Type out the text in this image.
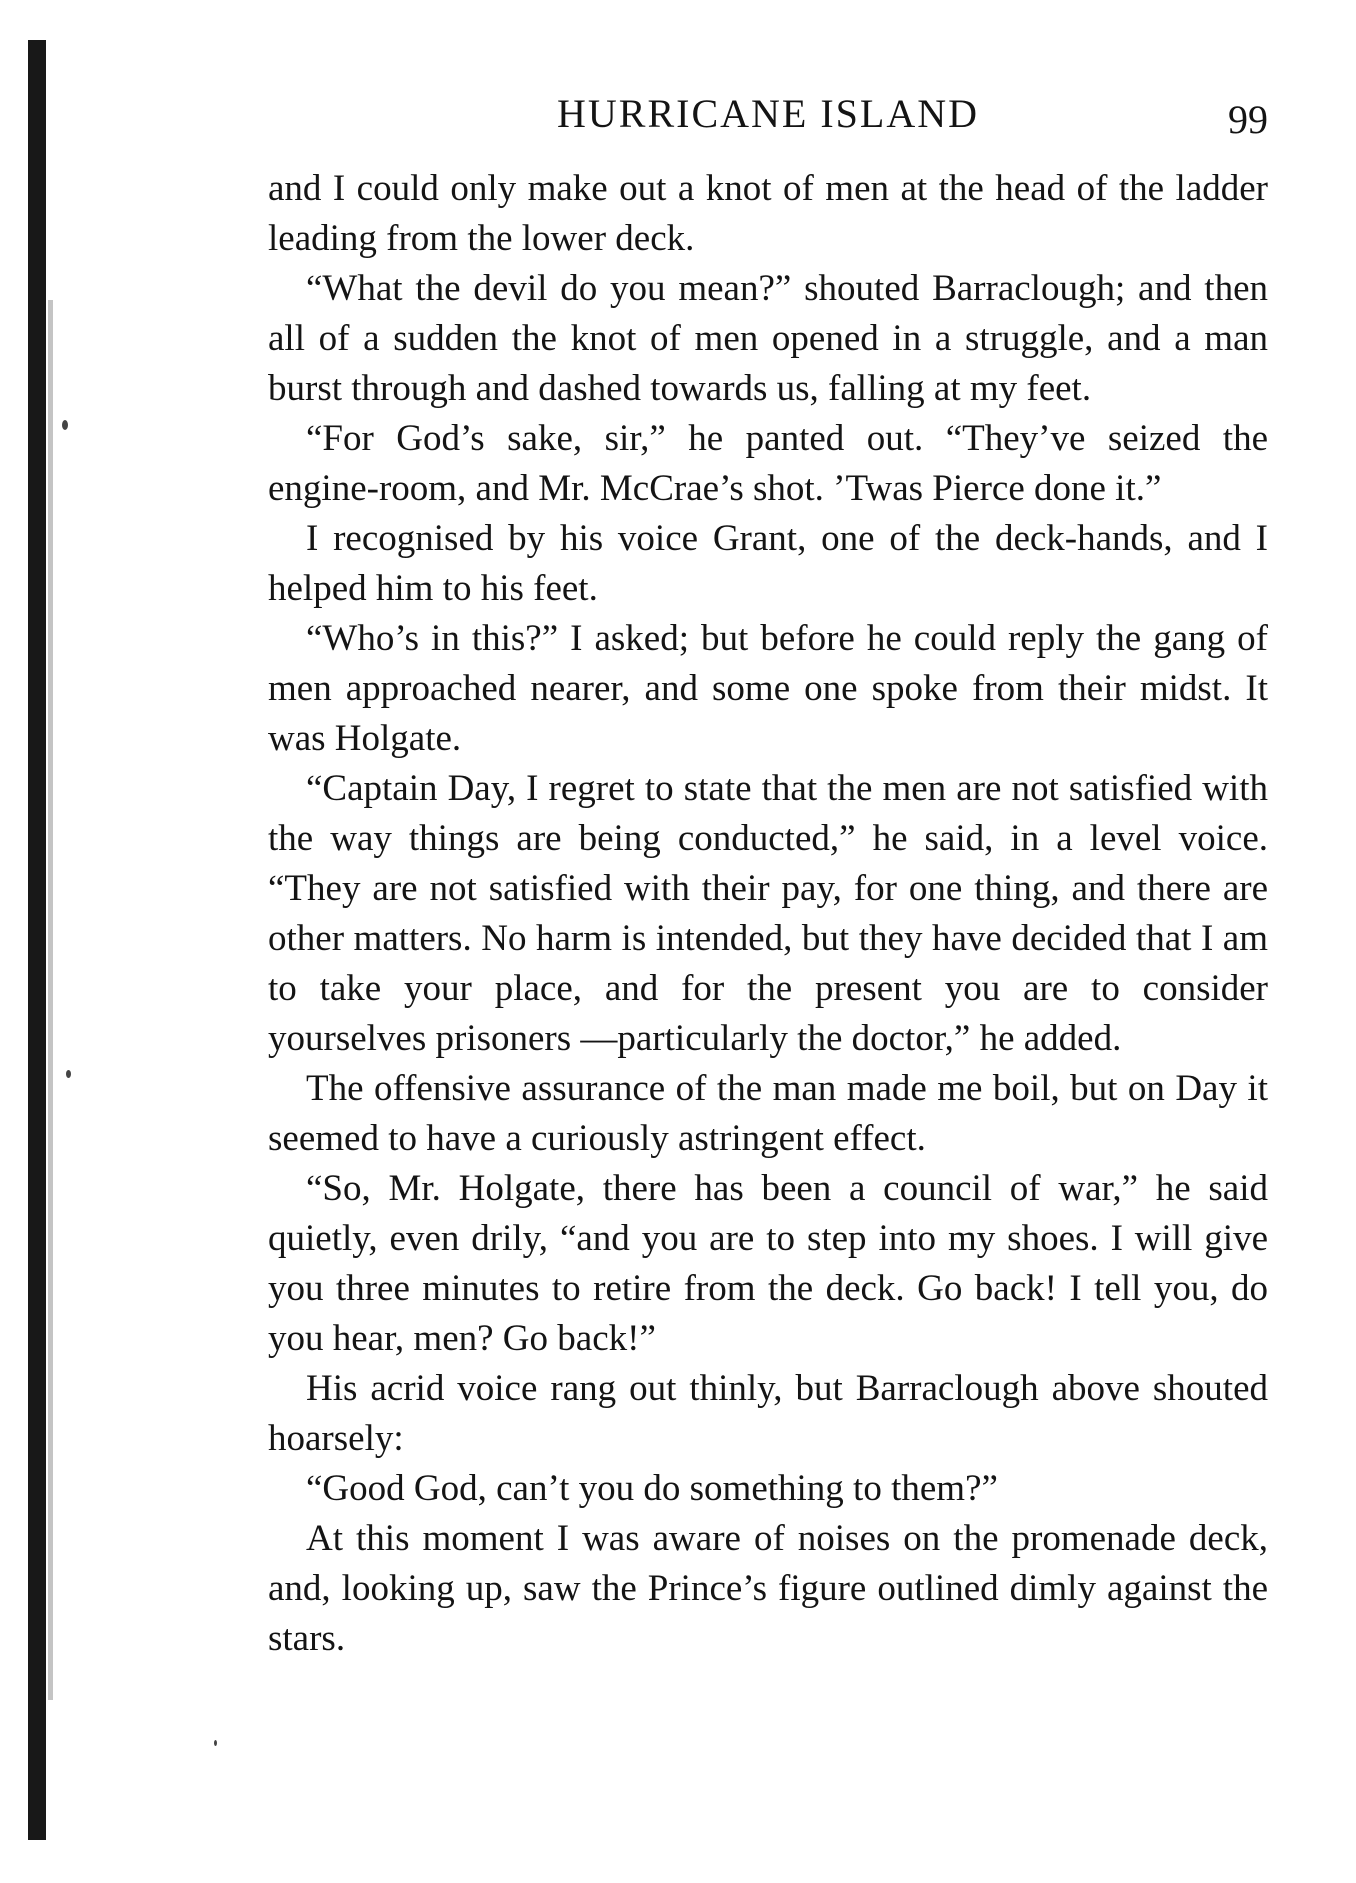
HURRICANE ISLAND	99

and I could only make out a knot of men at the head of the ladder leading from the lower deck.

“What the devil do you mean?” shouted Barraclough; and then all of a sudden the knot of men opened in a struggle, and a man burst through and dashed towards us, falling at my feet.

“For God’s sake, sir,” he panted out. “They’ve seized the engine-room, and Mr. McCrae’s shot. ’Twas Pierce done it.”

I recognised by his voice Grant, one of the deck-hands, and I helped him to his feet.

“Who’s in this?” I asked; but before he could reply the gang of men approached nearer, and some one spoke from their midst. It was Holgate.

“Captain Day, I regret to state that the men are not satisfied with the way things are being conducted,” he said, in a level voice. “They are not satisfied with their pay, for one thing, and there are other matters. No harm is intended, but they have decided that I am to take your place, and for the present you are to consider yourselves prisoners —particularly the doctor,” he added.

The offensive assurance of the man made me boil, but on Day it seemed to have a curiously astringent effect.

“So, Mr. Holgate, there has been a council of war,” he said quietly, even drily, “and you are to step into my shoes. I will give you three minutes to retire from the deck. Go back! I tell you, do you hear, men? Go back!”

His acrid voice rang out thinly, but Barraclough above shouted hoarsely:

“Good God, can’t you do something to them?”

At this moment I was aware of noises on the promenade deck, and, looking up, saw the Prince’s figure outlined dimly against the stars.
